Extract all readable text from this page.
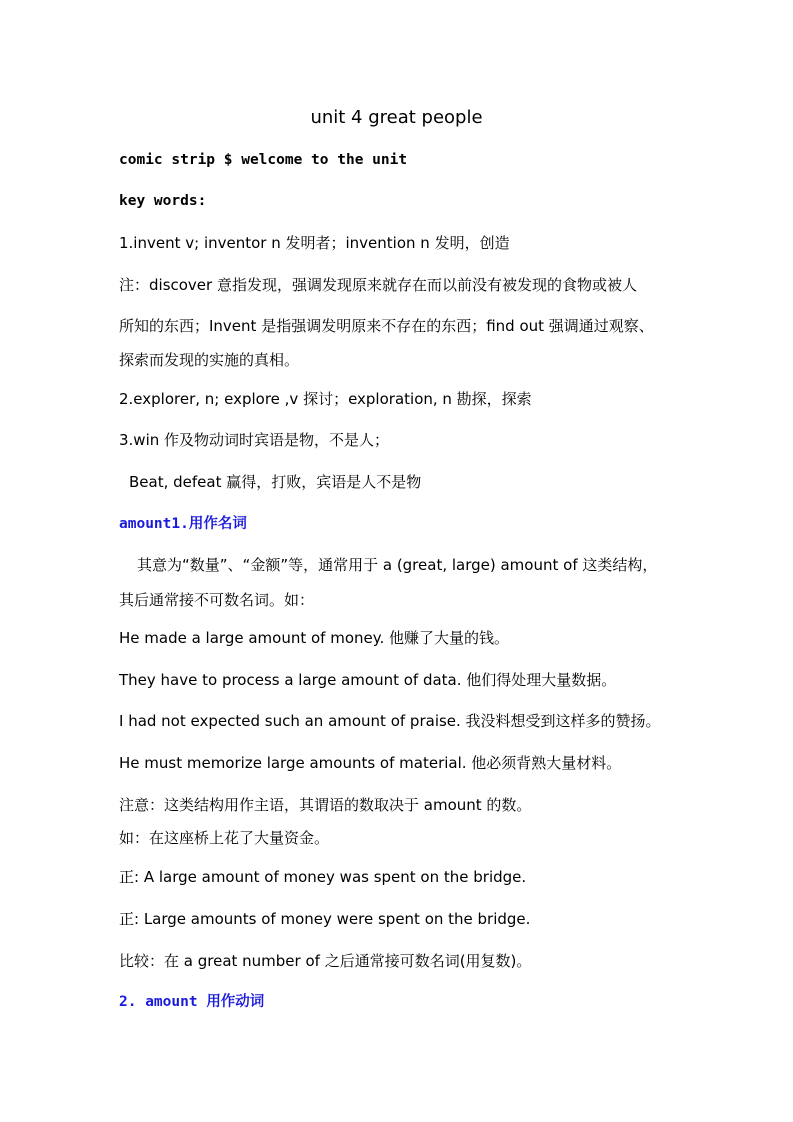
unit 4 great people
comic strip $ welcome to the unit
key words:
1.invent v; inventor n 发明者；invention n 发明，创造
注：discover 意指发现，强调发现原来就存在而以前没有被发现的食物或被人
所知的东西；Invent 是指强调发明原来不存在的东西；find out 强调通过观察、
探索而发现的实施的真相。
2.explorer, n; explore ,v 探讨；exploration, n 勘探，探索
3.win 作及物动词时宾语是物，不是人；
Beat, defeat 赢得，打败，宾语是人不是物
amount1.用作名词
其意为“数量”、“金额”等，通常用于 a (great, large) amount of 这类结构，
其后通常接不可数名词。如：
He made a large amount of money. 他赚了大量的钱。
They have to process a large amount of data. 他们得处理大量数据。
I had not expected such an amount of praise. 我没料想受到这样多的赞扬。
He must memorize large amounts of material. 他必须背熟大量材料。
注意：这类结构用作主语，其谓语的数取决于 amount 的数。
如：在这座桥上花了大量资金。
正: A large amount of money was spent on the bridge.
正: Large amounts of money were spent on the bridge.
比较：在 a great number of 之后通常接可数名词(用复数)。
2. amount 用作动词
